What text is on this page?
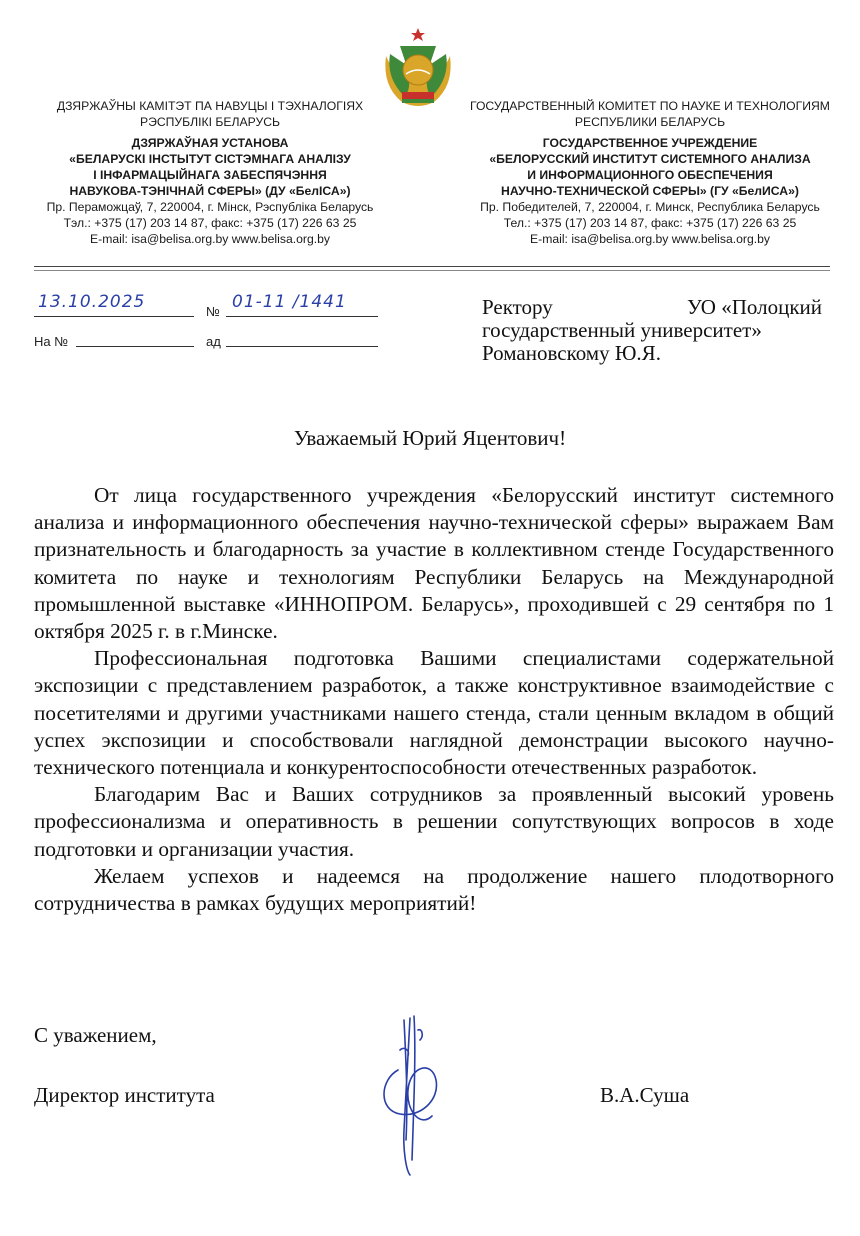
ДЗЯРЖАЎНЫ КАМІТЭТ ПА НАВУЦЫ І ТЭХНАЛОГІЯХ
РЭСПУБЛІКІ БЕЛАРУСЬ
ДЗЯРЖАЎНАЯ УСТАНОВА
«БЕЛАРУСКІ ІНСТЫТУТ СІСТЭМНАГА АНАЛІЗУ
І ІНФАРМАЦЫЙНАГА ЗАБЕСПЯЧЭННЯ
НАВУКОВА-ТЭНІЧНАЙ СФЕРЫ» (ДУ «БелІСА»)
Пр. Пераможцаў, 7, 220004, г. Мінск, Рэспубліка Беларусь
Тэл.: +375 (17) 203 14 87, факс: +375 (17) 226 63 25
E-mail: isa@belisa.org.by www.belisa.org.by
ГОСУДАРСТВЕННЫЙ КОМИТЕТ ПО НАУКЕ И ТЕХНОЛОГИЯМ
РЕСПУБЛИКИ БЕЛАРУСЬ
ГОСУДАРСТВЕННОЕ УЧРЕЖДЕНИЕ
«БЕЛОРУССКИЙ ИНСТИТУТ СИСТЕМНОГО АНАЛИЗА
И ИНФОРМАЦИОННОГО ОБЕСПЕЧЕНИЯ
НАУЧНО-ТЕХНИЧЕСКОЙ СФЕРЫ» (ГУ «БелИСА»)
Пр. Победителей, 7, 220004, г. Минск, Республика Беларусь
Тел.: +375 (17) 203 14 87, факс: +375 (17) 226 63 25
E-mail: isa@belisa.org.by www.belisa.org.by
13.10.2025	№ 01-11 /1441
На №	ад
Ректору	УО «Полоцкий
государственный университет»
Романовскому Ю.Я.
Уважаемый Юрий Яцентович!

От лица государственного учреждения «Белорусский институт системного анализа и информационного обеспечения научно-технической сферы» выражаем Вам признательность и благодарность за участие в коллективном стенде Государственного комитета по науке и технологиям Республики Беларусь на Международной промышленной выставке «ИННОПРОМ. Беларусь», проходившей с 29 сентября по 1 октября 2025 г. в г.Минске.

Профессиональная подготовка Вашими специалистами содержательной экспозиции с представлением разработок, а также конструктивное взаимодействие с посетителями и другими участниками нашего стенда, стали ценным вкладом в общий успех экспозиции и способствовали наглядной демонстрации высокого научно-технического потенциала и конкурентоспособности отечественных разработок.

Благодарим Вас и Ваших сотрудников за проявленный высокий уровень профессионализма и оперативность в решении сопутствующих вопросов в ходе подготовки и организации участия.

Желаем успехов и надеемся на продолжение нашего плодотворного сотрудничества в рамках будущих мероприятий!

С уважением,
Директор института	В.А.Суша
